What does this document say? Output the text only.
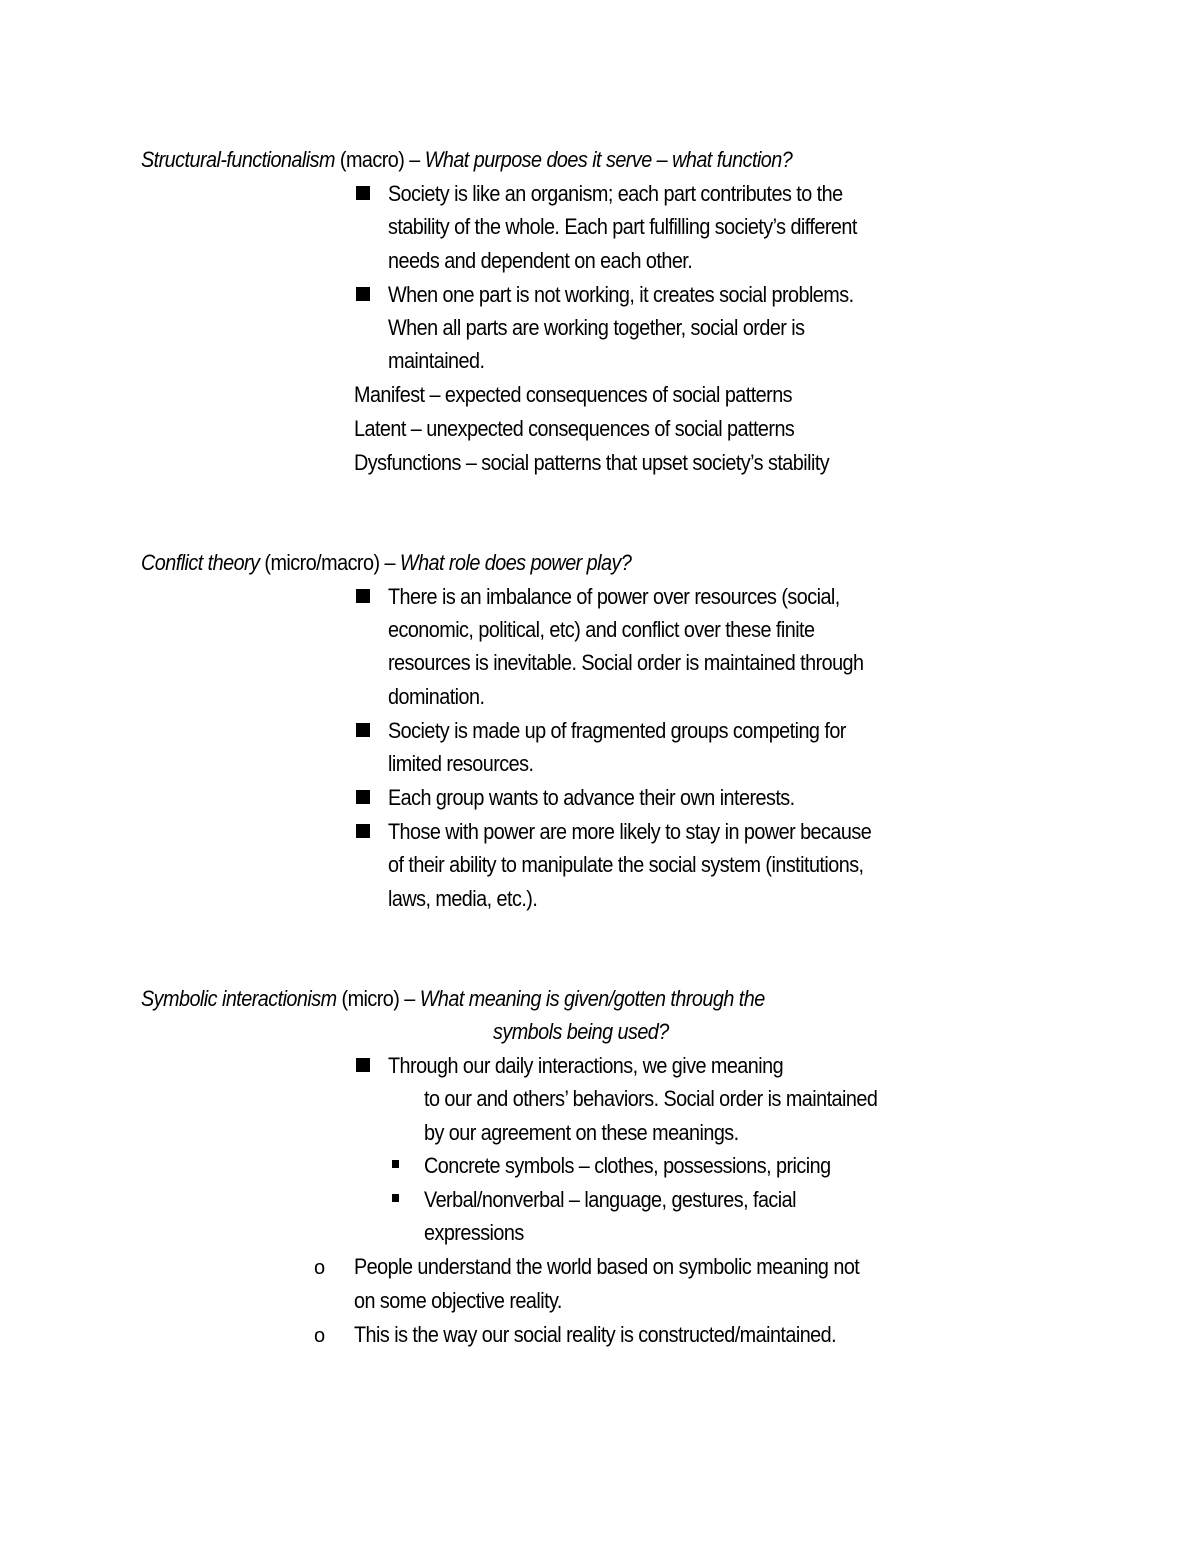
Structural-functionalism (macro) – What purpose does it serve – what function?
Society is like an organism; each part contributes to the
stability of the whole. Each part fulfilling society’s different
needs and dependent on each other.
When one part is not working, it creates social problems.
When all parts are working together, social order is
maintained.
Manifest – expected consequences of social patterns
Latent – unexpected consequences of social patterns
Dysfunctions – social patterns that upset society’s stability
Conflict theory (micro/macro) – What role does power play?
There is an imbalance of power over resources (social,
economic, political, etc) and conflict over these finite
resources is inevitable. Social order is maintained through
domination.
Society is made up of fragmented groups competing for
limited resources.
Each group wants to advance their own interests.
Those with power are more likely to stay in power because
of their ability to manipulate the social system (institutions,
laws, media, etc.).
Symbolic interactionism (micro) – What meaning is given/gotten through the
symbols being used?
Through our daily interactions, we give meaning
to our and others’ behaviors. Social order is maintained
by our agreement on these meanings.
Concrete symbols – clothes, possessions, pricing
Verbal/nonverbal – language, gestures, facial
expressions
o People understand the world based on symbolic meaning not
on some objective reality.
o This is the way our social reality is constructed/maintained.
